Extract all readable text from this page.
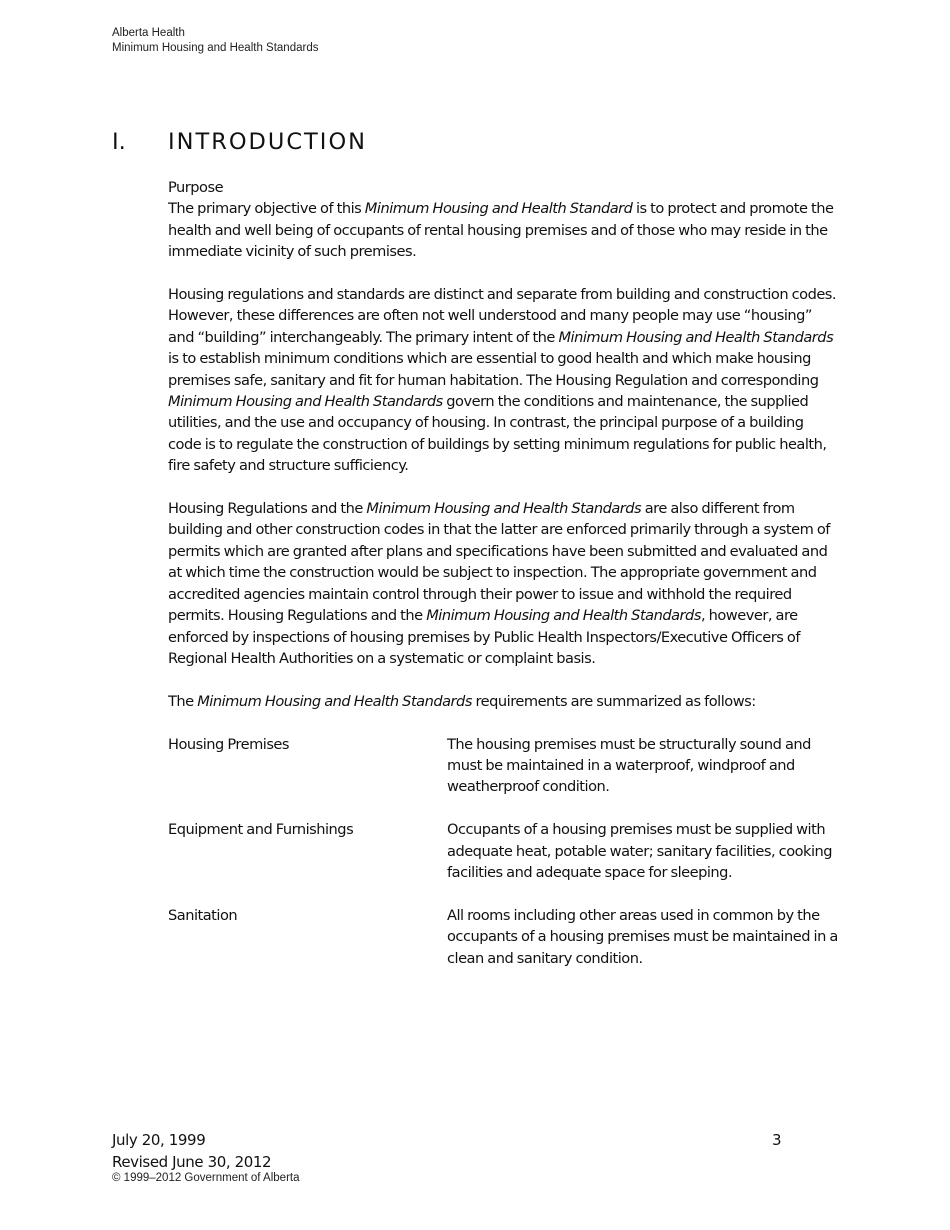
Alberta Health
Minimum Housing and Health Standards
I. INTRODUCTION
Purpose

The primary objective of this Minimum Housing and Health Standard is to protect and promote the health and well being of occupants of rental housing premises and of those who may reside in the immediate vicinity of such premises.

Housing regulations and standards are distinct and separate from building and construction codes. However, these differences are often not well understood and many people may use “housing” and “building” interchangeably. The primary intent of the Minimum Housing and Health Standards is to establish minimum conditions which are essential to good health and which make housing premises safe, sanitary and fit for human habitation. The Housing Regulation and corresponding Minimum Housing and Health Standards govern the conditions and maintenance, the supplied utilities, and the use and occupancy of housing. In contrast, the principal purpose of a building code is to regulate the construction of buildings by setting minimum regulations for public health, fire safety and structure sufficiency.

Housing Regulations and the Minimum Housing and Health Standards are also different from building and other construction codes in that the latter are enforced primarily through a system of permits which are granted after plans and specifications have been submitted and evaluated and at which time the construction would be subject to inspection. The appropriate government and accredited agencies maintain control through their power to issue and withhold the required permits. Housing Regulations and the Minimum Housing and Health Standards, however, are enforced by inspections of housing premises by Public Health Inspectors/Executive Officers of Regional Health Authorities on a systematic or complaint basis.

The Minimum Housing and Health Standards requirements are summarized as follows:

Housing Premises	The housing premises must be structurally sound and must be maintained in a waterproof, windproof and weatherproof condition.
Equipment and Furnishings	Occupants of a housing premises must be supplied with adequate heat, potable water; sanitary facilities, cooking facilities and adequate space for sleeping.
Sanitation	All rooms including other areas used in common by the occupants of a housing premises must be maintained in a clean and sanitary condition.
July 20, 1999
Revised June 30, 2012
3
© 1999–2012 Government of Alberta
